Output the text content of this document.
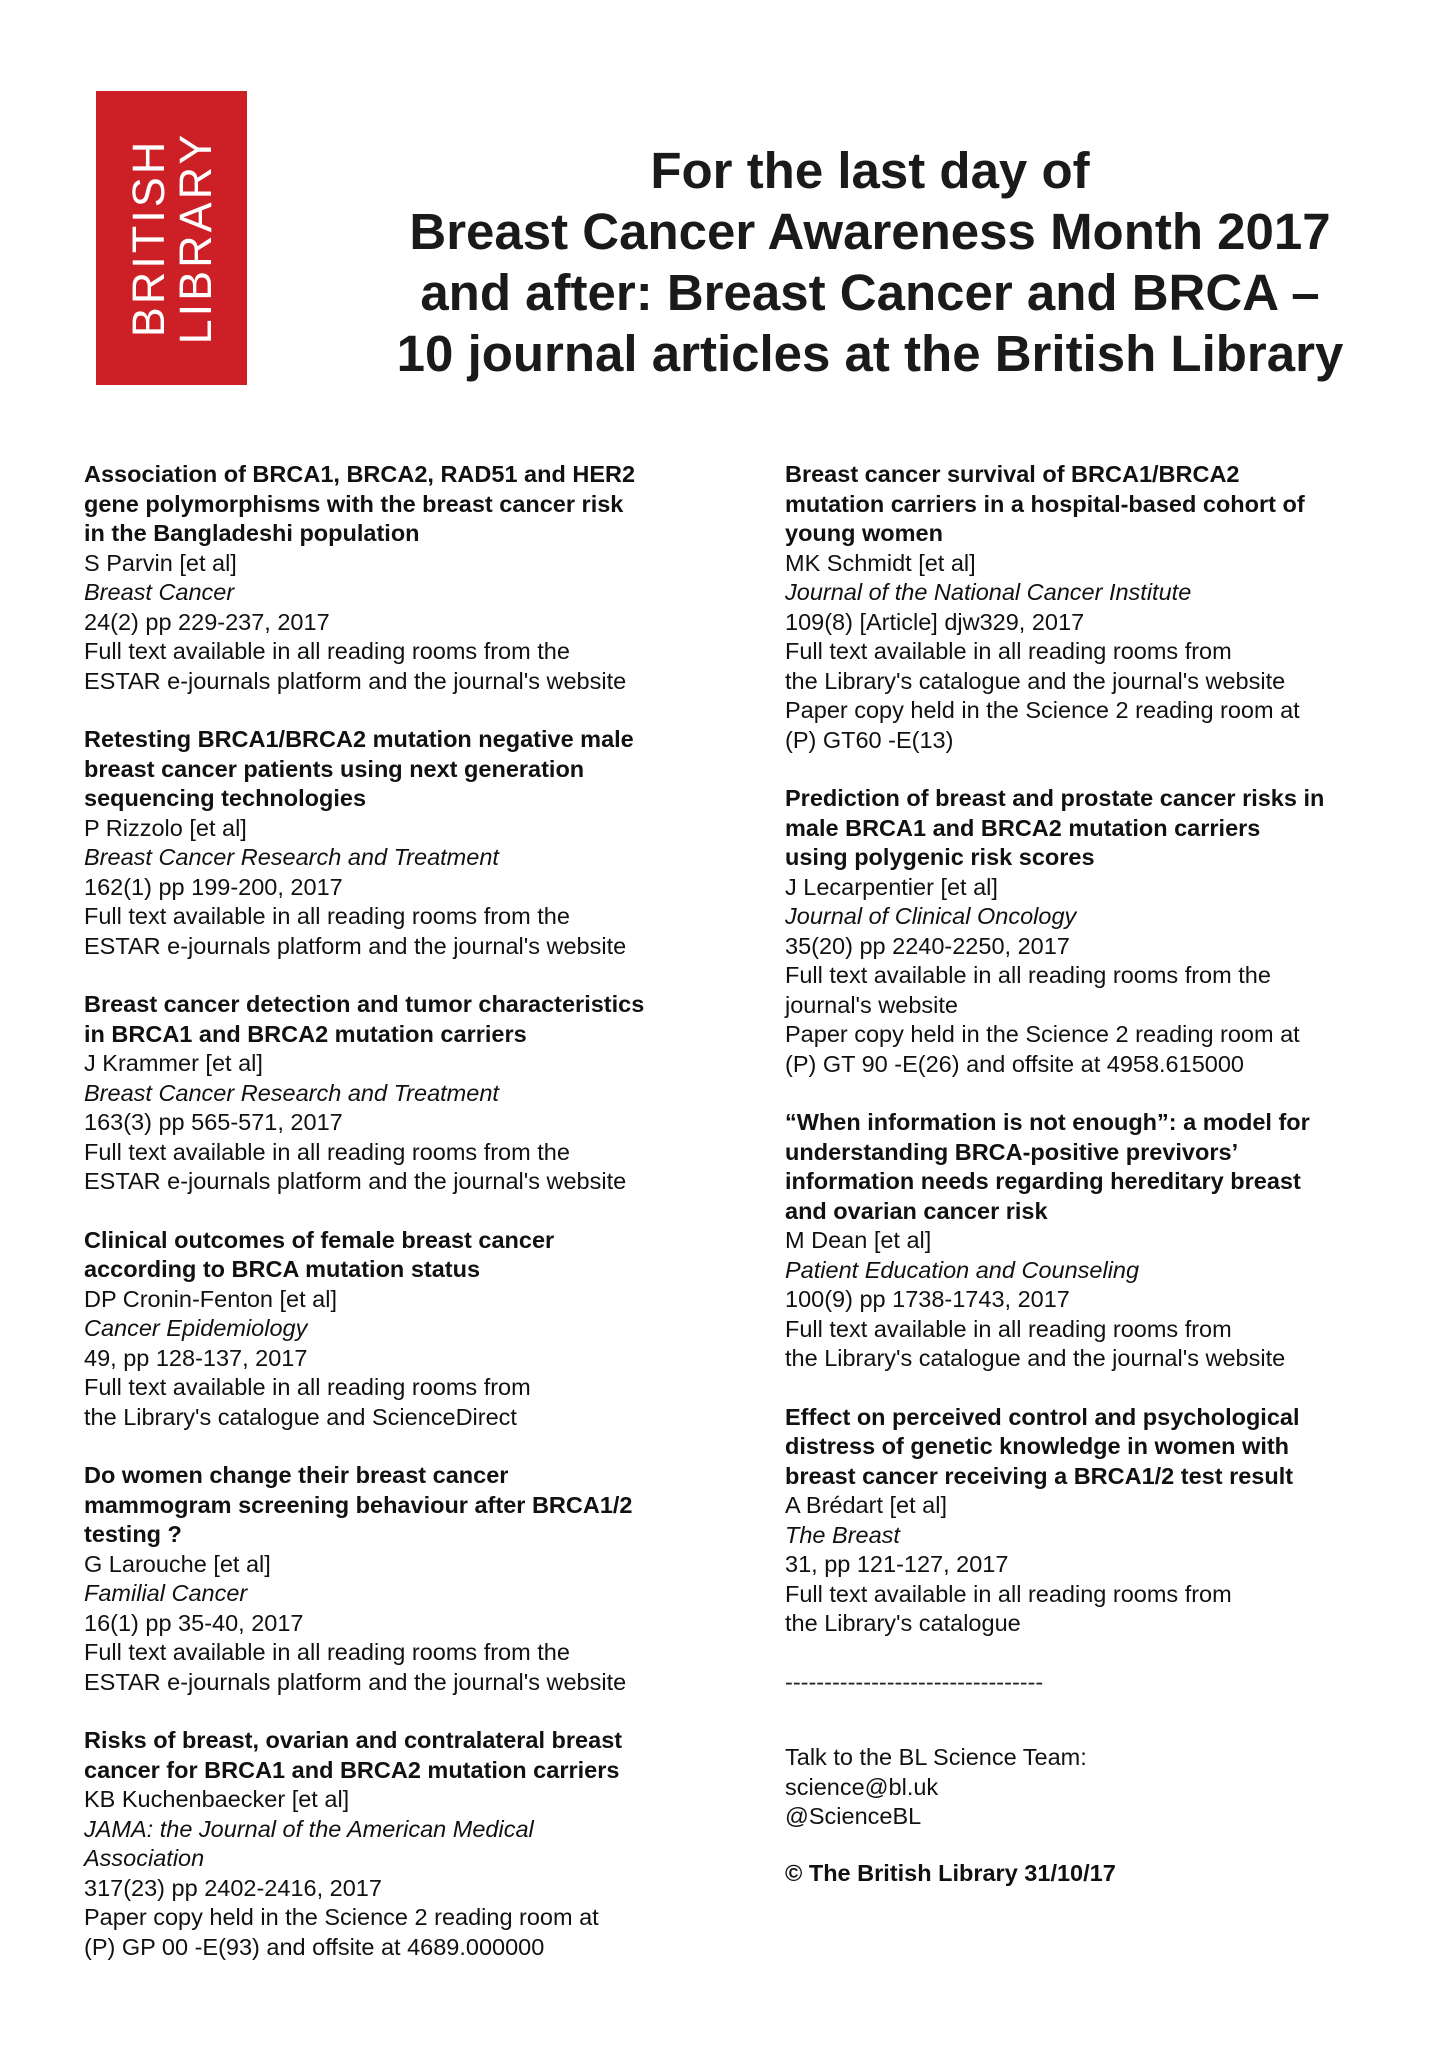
BRITISH
LIBRARY	For the last day of
Breast Cancer Awareness Month 2017
and after: Breast Cancer and BRCA –
10 journal articles at the British Library
Association of BRCA1, BRCA2, RAD51 and HER2
gene polymorphisms with the breast cancer risk
in the Bangladeshi population
S Parvin [et al]
Breast Cancer
24(2) pp 229-237, 2017
Full text available in all reading rooms from the
ESTAR e-journals platform and the journal's website
Retesting BRCA1/BRCA2 mutation negative male
breast cancer patients using next generation
sequencing technologies
P Rizzolo [et al]
Breast Cancer Research and Treatment
162(1) pp 199-200, 2017
Full text available in all reading rooms from the
ESTAR e-journals platform and the journal's website
Breast cancer detection and tumor characteristics
in BRCA1 and BRCA2 mutation carriers
J Krammer [et al]
Breast Cancer Research and Treatment
163(3) pp 565-571, 2017
Full text available in all reading rooms from the
ESTAR e-journals platform and the journal's website
Clinical outcomes of female breast cancer
according to BRCA mutation status
DP Cronin-Fenton [et al]
Cancer Epidemiology
49, pp 128-137, 2017
Full text available in all reading rooms from
the Library's catalogue and ScienceDirect
Do women change their breast cancer
mammogram screening behaviour after BRCA1/2
testing ?
G Larouche [et al]
Familial Cancer
16(1) pp 35-40, 2017
Full text available in all reading rooms from the
ESTAR e-journals platform and the journal's website
Risks of breast, ovarian and contralateral breast
cancer for BRCA1 and BRCA2 mutation carriers
KB Kuchenbaecker [et al]
JAMA: the Journal of the American Medical
Association
317(23) pp 2402-2416, 2017
Paper copy held in the Science 2 reading room at
(P) GP 00 -E(93) and offsite at 4689.000000
Breast cancer survival of BRCA1/BRCA2
mutation carriers in a hospital-based cohort of
young women
MK Schmidt [et al]
Journal of the National Cancer Institute
109(8) [Article] djw329, 2017
Full text available in all reading rooms from
the Library's catalogue and the journal's website
Paper copy held in the Science 2 reading room at
(P) GT60 -E(13)
Prediction of breast and prostate cancer risks in
male BRCA1 and BRCA2 mutation carriers
using polygenic risk scores
J Lecarpentier [et al]
Journal of Clinical Oncology
35(20) pp 2240-2250, 2017
Full text available in all reading rooms from the
journal's website
Paper copy held in the Science 2 reading room at
(P) GT 90 -E(26) and offsite at 4958.615000
“When information is not enough”: a model for
understanding BRCA-positive previvors’
information needs regarding hereditary breast
and ovarian cancer risk
M Dean [et al]
Patient Education and Counseling
100(9) pp 1738-1743, 2017
Full text available in all reading rooms from
the Library's catalogue and the journal's website
Effect on perceived control and psychological
distress of genetic knowledge in women with
breast cancer receiving a BRCA1/2 test result
A Brédart [et al]
The Breast
31, pp 121-127, 2017
Full text available in all reading rooms from
the Library's catalogue
---------------------------------
Talk to the BL Science Team:
science@bl.uk
@ScienceBL
© The British Library 31/10/17
